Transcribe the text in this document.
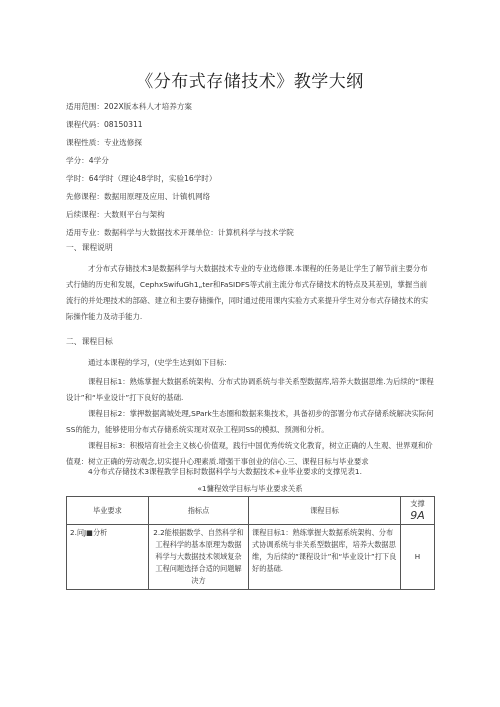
《分布式存储技术》教学大纲
适用范围：202X版本科人才培养方案
课程代码：08150311
课程性质：专业选修探
学分：4学分
学时：64学时（理论48学时，实验16学时）
先修课程：数据用原理及应用、计镇机网络
后续课程：大数则平台与架构
适用专业：数据科学与大数据技术开课单位：计算机科学与技术学院
一、课程说明

才分布式存储技术3是数据科学与大数据技术专业的专业选修课.本课程的任务是让学生了解节前主要分布式行储的历史和发展，CephxSwifuGh1„ter和FaSIDFS等式前主流分布式存储技术的特点及其差别，掌握当前流行的并处理技术的部硌、建立和主要存储操作，同时通过使用课内实验方式来提升学生对分布式存储技术的实际操作能力及动手能力.

二、课程目标

通过本课程的学习，(史学生达到如下目标：

课程目标1：熟炼掌握大数据系统架构、分布式协调系统与非关系型数据库,培养大数据思维.为后续的“课程设计”和“毕业设计”打下良好的基础.

课程目标2：掌押数据离城处理,SPark生态圈和数据来集技术，具备初步的部署分布式存储系统解决实际何SS的能力，能够使用分布式存储系统实现对双杂工程同SS的模拟、预测和分析。

课程目标3：积极培育社会主义核心价值观，践行中国优秀传统文化教育，树立正确的人生观、世界观和价值观：树立正确的劳动观念,切实提升心理素质.增强干事创业的信心.三、课程目标与毕业要求

4分布式存储技术3课程教学目标时数据科学与大数据技术+业毕业要求的支撑见表1.
«1慵程效学目标与毕业要求关系
毕业要求	指标点	课程目标	支撑
9A

2.问J■分析	2.2能根据数学、自然科学和工程科学的基本原理为数据科学与大数据技术领域复杂工程问题选择合适的问题解决方	课程目标1：熟练掌握大数据系统架构、分布式协调系统与非关系型数据库，培养大数据思维，为后续的“课程设计”和“毕业设计”打下良好的基础.	H
